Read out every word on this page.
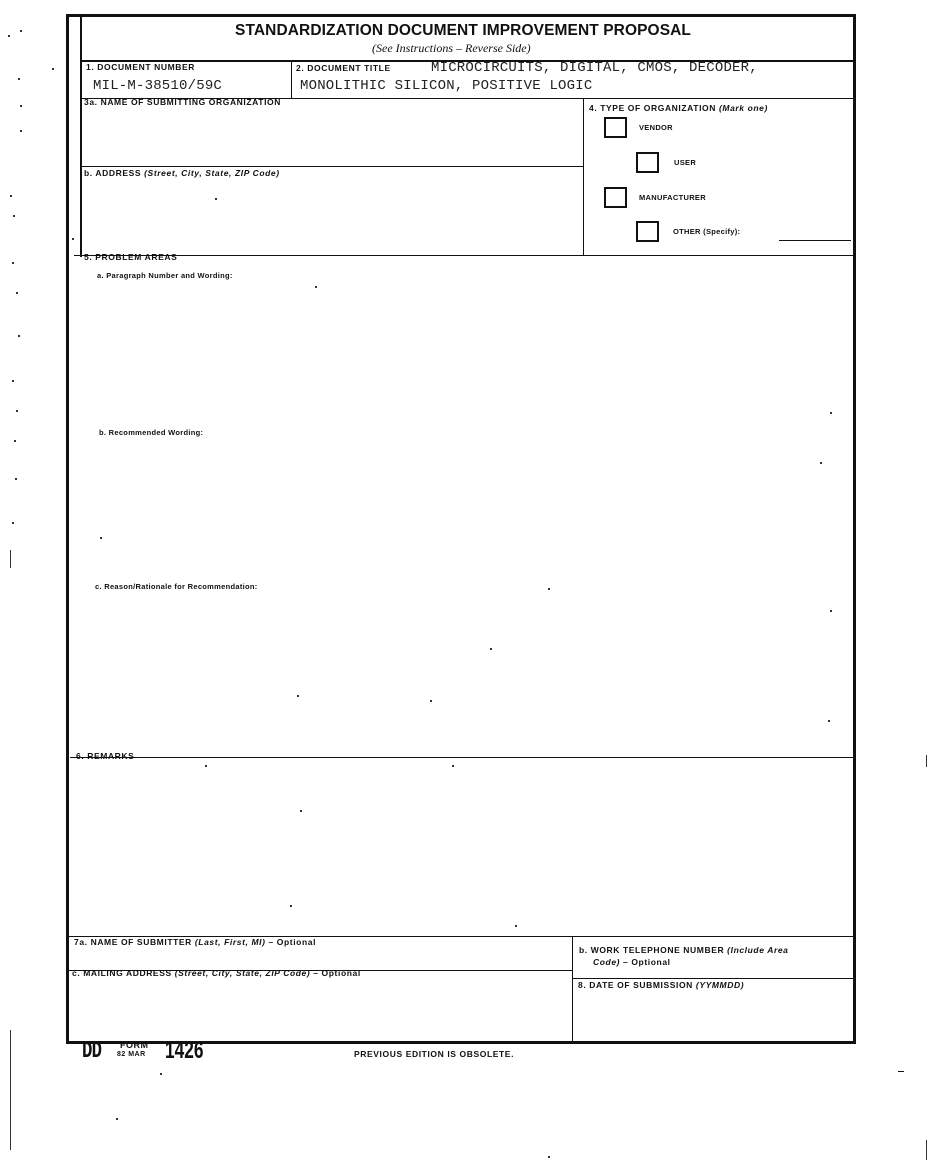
STANDARDIZATION DOCUMENT IMPROVEMENT PROPOSAL
(See Instructions – Reverse Side)
1. DOCUMENT NUMBER
MIL-M-38510/59C
2. DOCUMENT TITLE	MICROCIRCUITS, DIGITAL, CMOS, DECODER,
MONOLITHIC SILICON, POSITIVE LOGIC
3a. NAME OF SUBMITTING ORGANIZATION
b. ADDRESS (Street, City, State, ZIP Code)
4. TYPE OF ORGANIZATION (Mark one)
VENDOR
USER
MANUFACTURER
OTHER (Specify):
5. PROBLEM AREAS
a. Paragraph Number and Wording:
b. Recommended Wording:
c. Reason/Rationale for Recommendation:
6. REMARKS
7a. NAME OF SUBMITTER (Last, First, MI) – Optional
b. WORK TELEPHONE NUMBER (Include Area
Code) – Optional
c. MAILING ADDRESS (Street, City, State, ZIP Code) – Optional
8. DATE OF SUBMISSION (YYMMDD)
DD FORM
82 MAR 1426	PREVIOUS EDITION IS OBSOLETE.
